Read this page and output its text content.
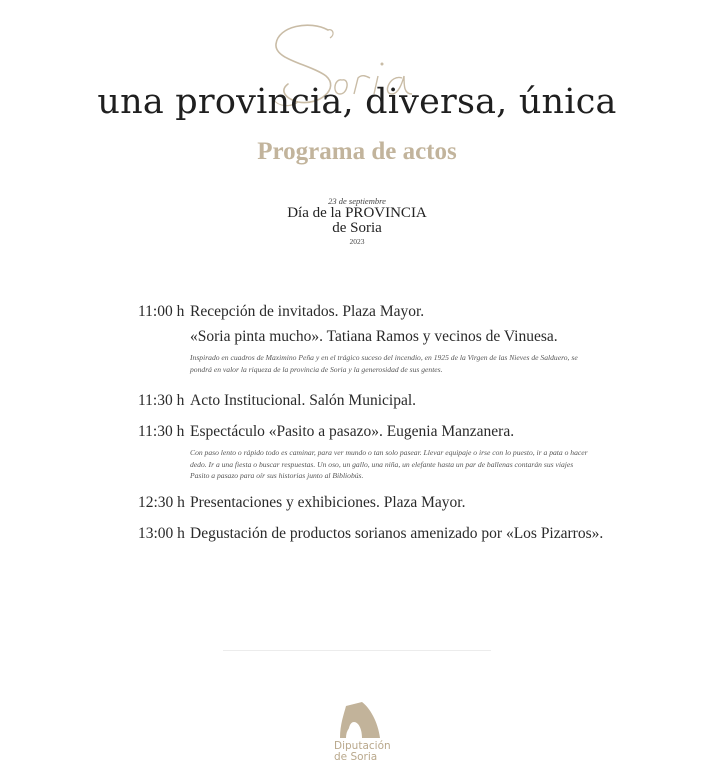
una provincia, diversa, única
Programa de actos
23 de septiembre
Día de la PROVINCIA
de Soria
2023
11:00 h Recepción de invitados. Plaza Mayor.
«Soria pinta mucho». Tatiana Ramos y vecinos de Vinuesa.
Inspirado en cuadros de Maximino Peña y en el trágico suceso del incendio, en 1925 de la Virgen de las Nieves de Salduero, se pondrá en valor la riqueza de la provincia de Soria y la generosidad de sus gentes.
11:30 h Acto Institucional. Salón Municipal.
11:30 h Espectáculo «Pasito a pasazo». Eugenia Manzanera.
Con paso lento o rápido todo es caminar, para ver mundo o tan solo pasear. Llevar equipaje o irse con lo puesto, ir a pata o hacer dedo. Ir a una fiesta o buscar respuestas. Un oso, un gallo, una niña, un elefante hasta un par de ballenas contarán sus viajes Pasito a pasazo para oír sus historias junto al Bibliobús.
12:30 h Presentaciones y exhibiciones. Plaza Mayor.
13:00 h Degustación de productos sorianos amenizado por «Los Pizarros».
Diputación
de Soria
